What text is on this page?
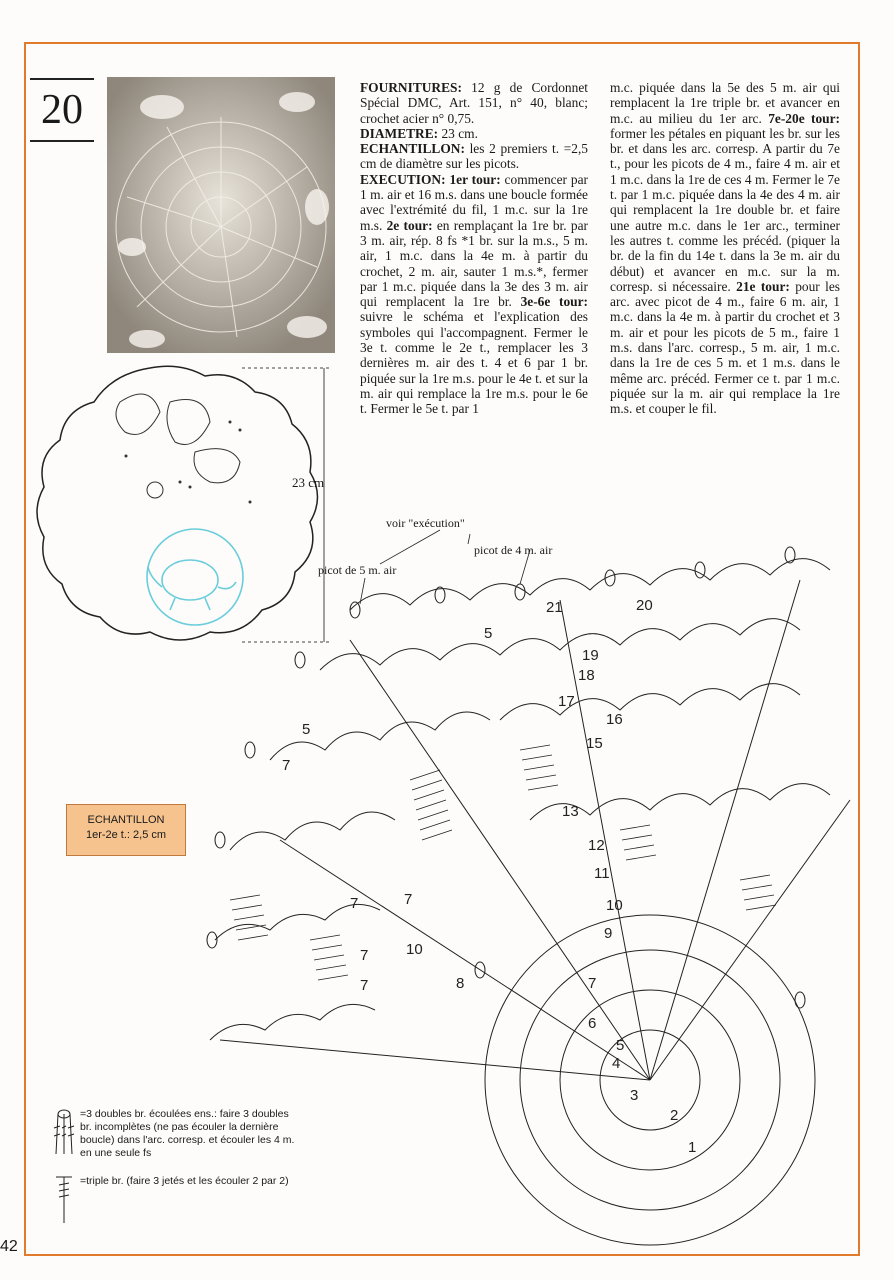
20	FOURNITURES: 12 g de Cordonnet Spécial DMC, Art. 151, n° 40, blanc; crochet acier n° 0,75.

DIAMETRE: 23 cm.

ECHANTILLON: les 2 premiers t. =2,5 cm de diamètre sur les picots.

EXECUTION: 1er tour: commencer par 1 m. air et 16 m.s. dans une boucle formée avec l'extrémité du fil, 1 m.c. sur la 1re m.s. 2e tour: en remplaçant la 1re br. par 3 m. air, rép. 8 fs *1 br. sur la m.s., 5 m. air, 1 m.c. dans la 4e m. à partir du crochet, 2 m. air, sauter 1 m.s.*, fermer par 1 m.c. piquée dans la 3e des 3 m. air qui remplacent la 1re br. 3e-6e tour: suivre le schéma et l'explication des symboles qui l'accompagnent. Fermer le 3e t. comme le 2e t., remplacer les 3 dernières m. air des t. 4 et 6 par 1 br. piquée sur la 1re m.s. pour le 4e t. et sur la m. air qui remplace la 1re m.s. pour le 6e t. Fermer le 5e t. par 1

m.c. piquée dans la 5e des 5 m. air qui remplacent la 1re triple br. et avancer en m.c. au milieu du 1er arc. 7e-20e tour: former les pétales en piquant les br. sur les br. et dans les arc. corresp. A partir du 7e t., pour les picots de 4 m., faire 4 m. air et 1 m.c. dans la 1re de ces 4 m. Fermer le 7e t. par 1 m.c. piquée dans la 4e des 4 m. air qui remplacent la 1re double br. et faire une autre m.c. dans le 1er arc., terminer les autres t. comme les précéd. (piquer la br. de la fin du 14e t. dans la 3e m. air du début) et avancer en m.c. sur la m. corresp. si nécessaire. 21e tour: pour les arc. avec picot de 4 m., faire 6 m. air, 1 m.c. dans la 4e m. à partir du crochet et 3 m. air et pour les picots de 5 m., faire 1 m.s. dans l'arc. corresp., 5 m. air, 1 m.c. dans la 1re de ces 5 m. et 1 m.s. dans le même arc. précéd. Fermer ce t. par 1 m.c. piquée sur la m. air qui remplace la 1re m.s. et couper le fil.

23 cm
1
2
3
4
5
6
7
8
9
10
11
12
13
15
16
17
18
19
20
21
5
5
7
7	7
7	10
7
voir "exécution"
picot de 4 m. air
picot de 5 m. air
ECHANTILLON
1er-2e t.: 2,5 cm
=3 doubles br. écoulées ens.: faire 3 doubles br. incomplètes (ne pas écouler la dernière boucle) dans l'arc. corresp. et écouler les 4 m. en une seule fs
=triple br. (faire 3 jetés et les écouler 2 par 2)
42
